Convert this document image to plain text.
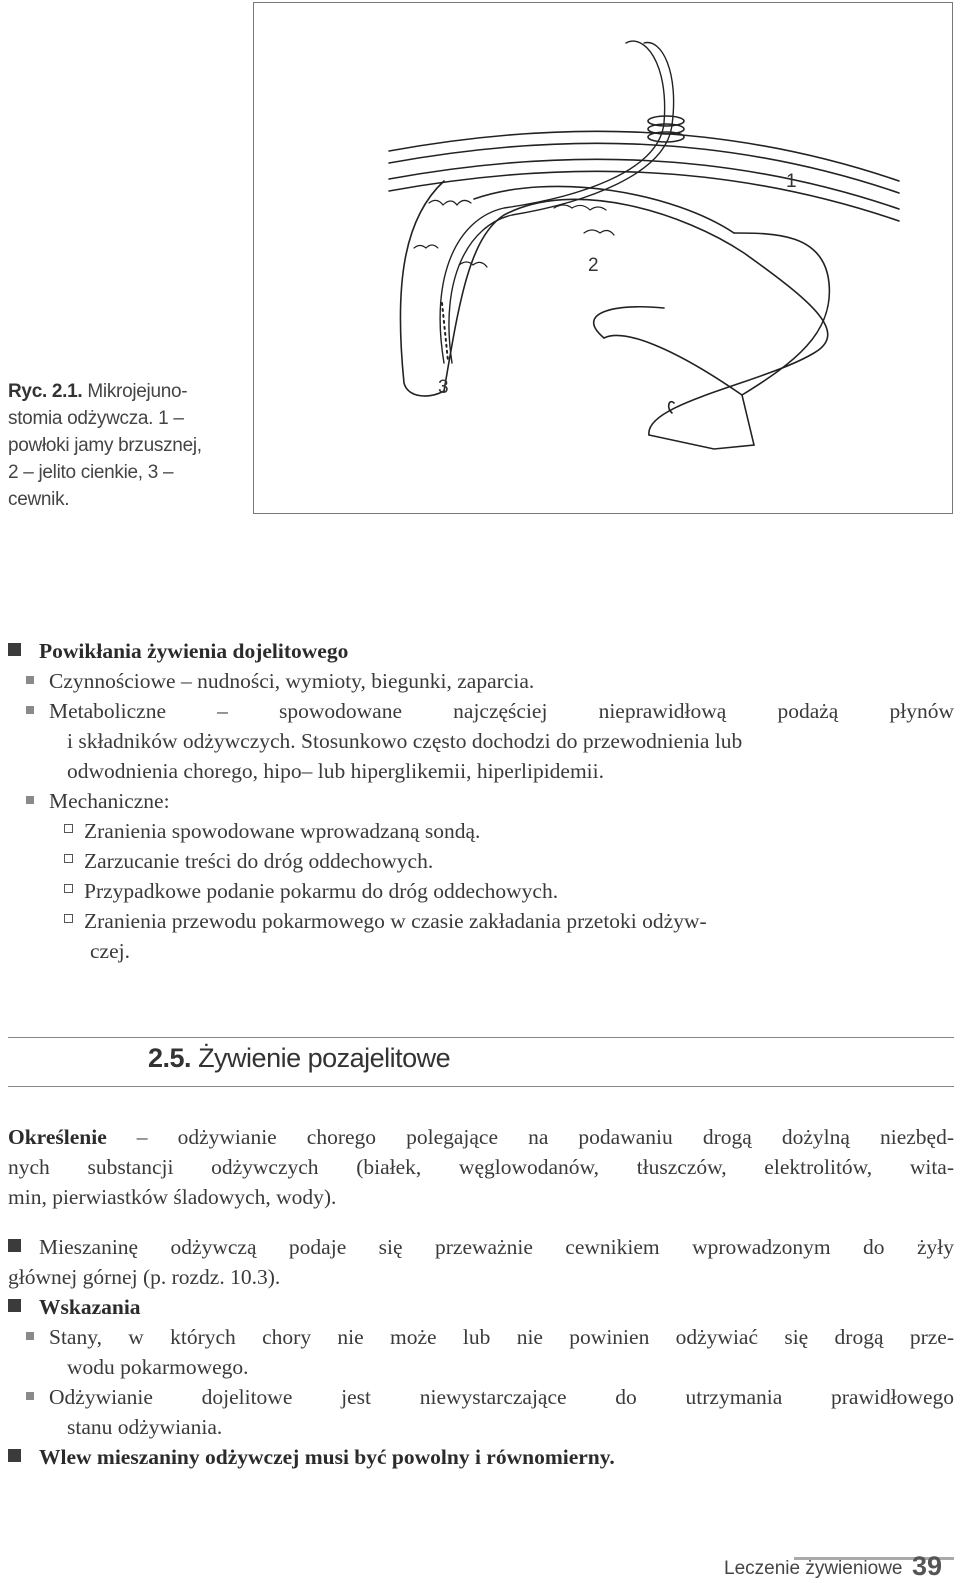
1
2
3
Ryc. 2.1. Mikrojejuno-
stomia odżywcza. 1 –
powłoki jamy brzusznej,
2 – jelito cienkie, 3 –
cewnik.
Powikłania żywienia dojelitowego
Czynnościowe – nudności, wymioty, biegunki, zaparcia.
Metaboliczne – spowodowane najczęściej nieprawidłową podażą płynów
i składników odżywczych. Stosunkowo często dochodzi do przewodnienia lub
odwodnienia chorego, hipo– lub hiperglikemii, hiperlipidemii.
Mechaniczne:
Zranienia spowodowane wprowadzaną sondą.
Zarzucanie treści do dróg oddechowych.
Przypadkowe podanie pokarmu do dróg oddechowych.
Zranienia przewodu pokarmowego w czasie zakładania przetoki odżyw-
czej.
2.5. Żywienie pozajelitowe
Określenie – odżywianie chorego polegające na podawaniu drogą dożylną niezbęd-
nych substancji odżywczych (białek, węglowodanów, tłuszczów, elektrolitów, wita-
min, pierwiastków śladowych, wody).
Mieszaninę odżywczą podaje się przeważnie cewnikiem wprowadzonym do żyły
głównej górnej (p. rozdz. 10.3).
Wskazania
Stany, w których chory nie może lub nie powinien odżywiać się drogą prze-
wodu pokarmowego.
Odżywianie dojelitowe jest niewystarczające do utrzymania prawidłowego
stanu odżywiania.
Wlew mieszaniny odżywczej musi być powolny i równomierny.
Leczenie żywieniowe 39
